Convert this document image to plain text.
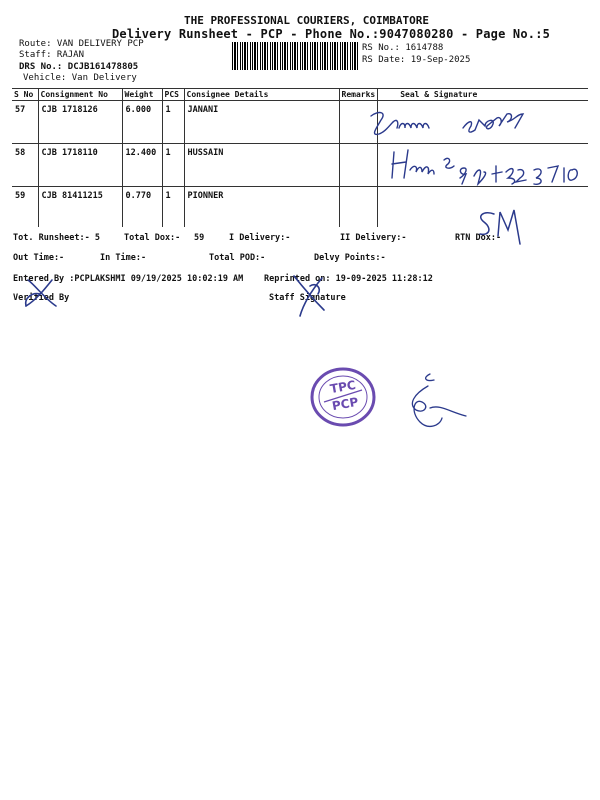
THE PROFESSIONAL COURIERS, COIMBATORE
Delivery Runsheet - PCP - Phone No.:9047080280 - Page No.:5
Route: VAN DELIVERY PCP
Staff: RAJAN
DRS No.: DCJB161478805
Vehicle: Van Delivery
RS No.: 1614788
RS Date: 19-Sep-2025
S No	Consignment No	Weight	PCS	Consignee Details	Remarks	Seal & Signature
57	CJB 1718126	6.000	1	JANANI		
58	CJB 1718110	12.400	1	HUSSAIN		
59	CJB 81411215	0.770	1	PIONNER		
Tot. Runsheet:- 5	Total Dox:- 59	I Delivery:-	II Delivery:-	RTN Dox:-
Out Time:-	In Time:-	Total POD:-	Delvy Points:-
Entered By :PCPLAKSHMI 09/19/2025 10:02:19 AM Reprinted on: 19-09-2025 11:28:12
Verified By	Staff Signature
TPC
PCP
